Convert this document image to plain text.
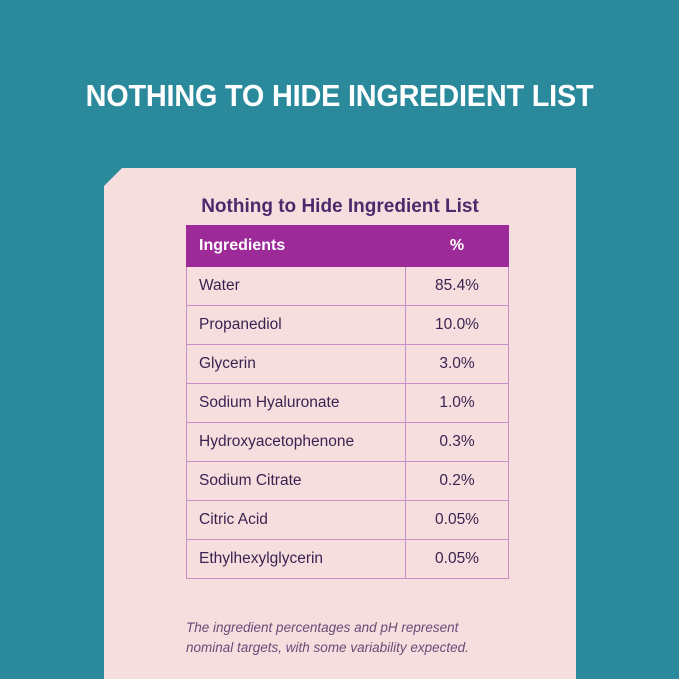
NOTHING TO HIDE INGREDIENT LIST
Nothing to Hide Ingredient List
Ingredients	%
Water	85.4%
Propanediol	10.0%
Glycerin	3.0%
Sodium Hyaluronate	1.0%
Hydroxyacetophenone	0.3%
Sodium Citrate	0.2%
Citric Acid	0.05%
Ethylhexylglycerin	0.05%
The ingredient percentages and pH represent nominal targets, with some variability expected.
